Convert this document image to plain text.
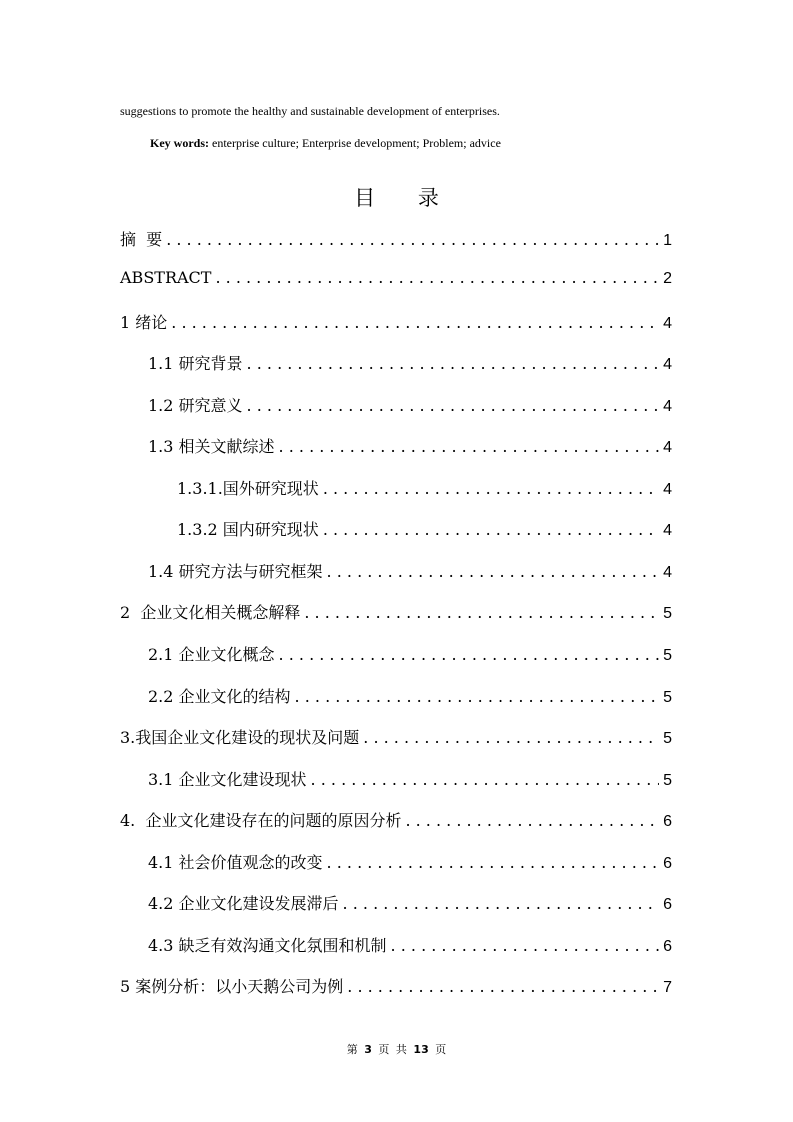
suggestions to promote the healthy and sustainable development of enterprises.
Key words: enterprise culture; Enterprise development; Problem; advice
目 录
摘  要 . . .	1
ABSTRACT . . .	2
1 绪论 . . .	4
1.1 研究背景 . . .	4
1.2 研究意义 . . .	4
1.3 相关文献综述 . . .	4
1.3.1.国外研究现状 . . .	4
1.3.2 国内研究现状 . . .	4
1.4 研究方法与研究框架 . . .	4
2  企业文化相关概念解释 . . .	5
2.1 企业文化概念 . . .	5
2.2 企业文化的结构 . . .	5
3.我国企业文化建设的现状及问题 . . .	5
3.1 企业文化建设现状 . . .	5
4.  企业文化建设存在的问题的原因分析 . . .	6
4.1 社会价值观念的改变 . . .	6
4.2 企业文化建设发展滞后 . . .	6
4.3 缺乏有效沟通文化氛围和机制 . . .	6
5 案例分析：以小天鹅公司为例 . . .	7
第 3 页 共 13 页
